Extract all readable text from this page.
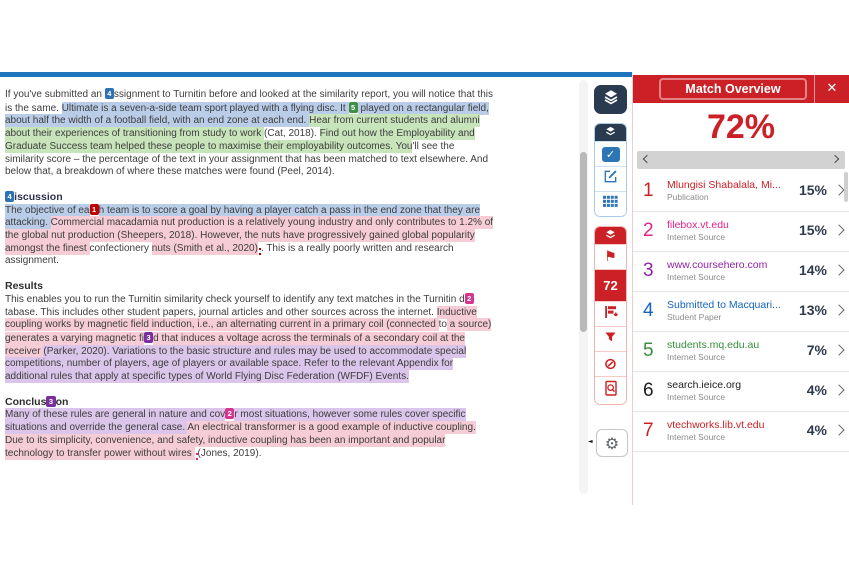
If you've submitted an 4 ssignment to Turnitin before and looked at the similarity report, you will notice that this is the same. Ultimate is a seven-a-side team sport played with a flying disc. It 5 played on a rectangular field, about half the width of a football field, with an end zone at each end. Hear from current students and alumni about their experiences of transitioning from study to work (Cat, 2018). Find out how the Employability and Graduate Success team helped these people to maximise their employability outcomes. You'll see the similarity score – the percentage of the text in your assignment that has been matched to text elsewhere. And below that, a breakdown of where these matches were found (Peel, 2014).
4 iscussion
The objective of ea 1 h team is to score a goal by having a player catch a pass in the end zone that they are attacking. Commercial macadamia nut production is a relatively young industry and only contributes to 1.2% of the global nut production (Sheepers, 2018). However, the nuts have progressively gained global popularity amongst the finest confectionery nuts (Smith et al., 2020) . This is a really poorly written and research assignment.
Results
This enables you to run the Turnitin similarity check yourself to identify any text matches in the Turnitin d 2tabase. This includes other student papers, journal articles and other sources across the internet. Inductive coupling works by magnetic field induction, i.e., an alternating current in a primary coil (connected to a source) generates a varying magnetic fi 3 d that induces a voltage across the terminals of a secondary coil at the receiver (Parker, 2020). Variations to the basic structure and rules may be used to accommodate special competitions, number of players, age of players or available space. Refer to the relevant Appendix for additional rules that apply at specific types of World Flying Disc Federation (WFDF) Events.
Conclus 3 on
Many of these rules are general in nature and cov 2 r most situations, however some rules cover specific situations and override the general case. An electrical transformer is a good example of inductive coupling. Due to its simplicity, convenience, and safety, inductive coupling has been an important and popular technology to transfer power without wires (Jones, 2019).
✓
⚑
72
⊘
◄ ⚙
Match Overview	✕
72%
1	Mlungisi Shabalala, Mi...
Publication	15%
2	filebox.vt.edu
Internet Source	15%
3	www.coursehero.com
Internet Source	14%
4	Submitted to Macquari...
Student Paper	13%
5	students.mq.edu.au
Internet Source	7%
6	search.ieice.org
Internet Source	4%
7	vtechworks.lib.vt.edu
Internet Source	4%
